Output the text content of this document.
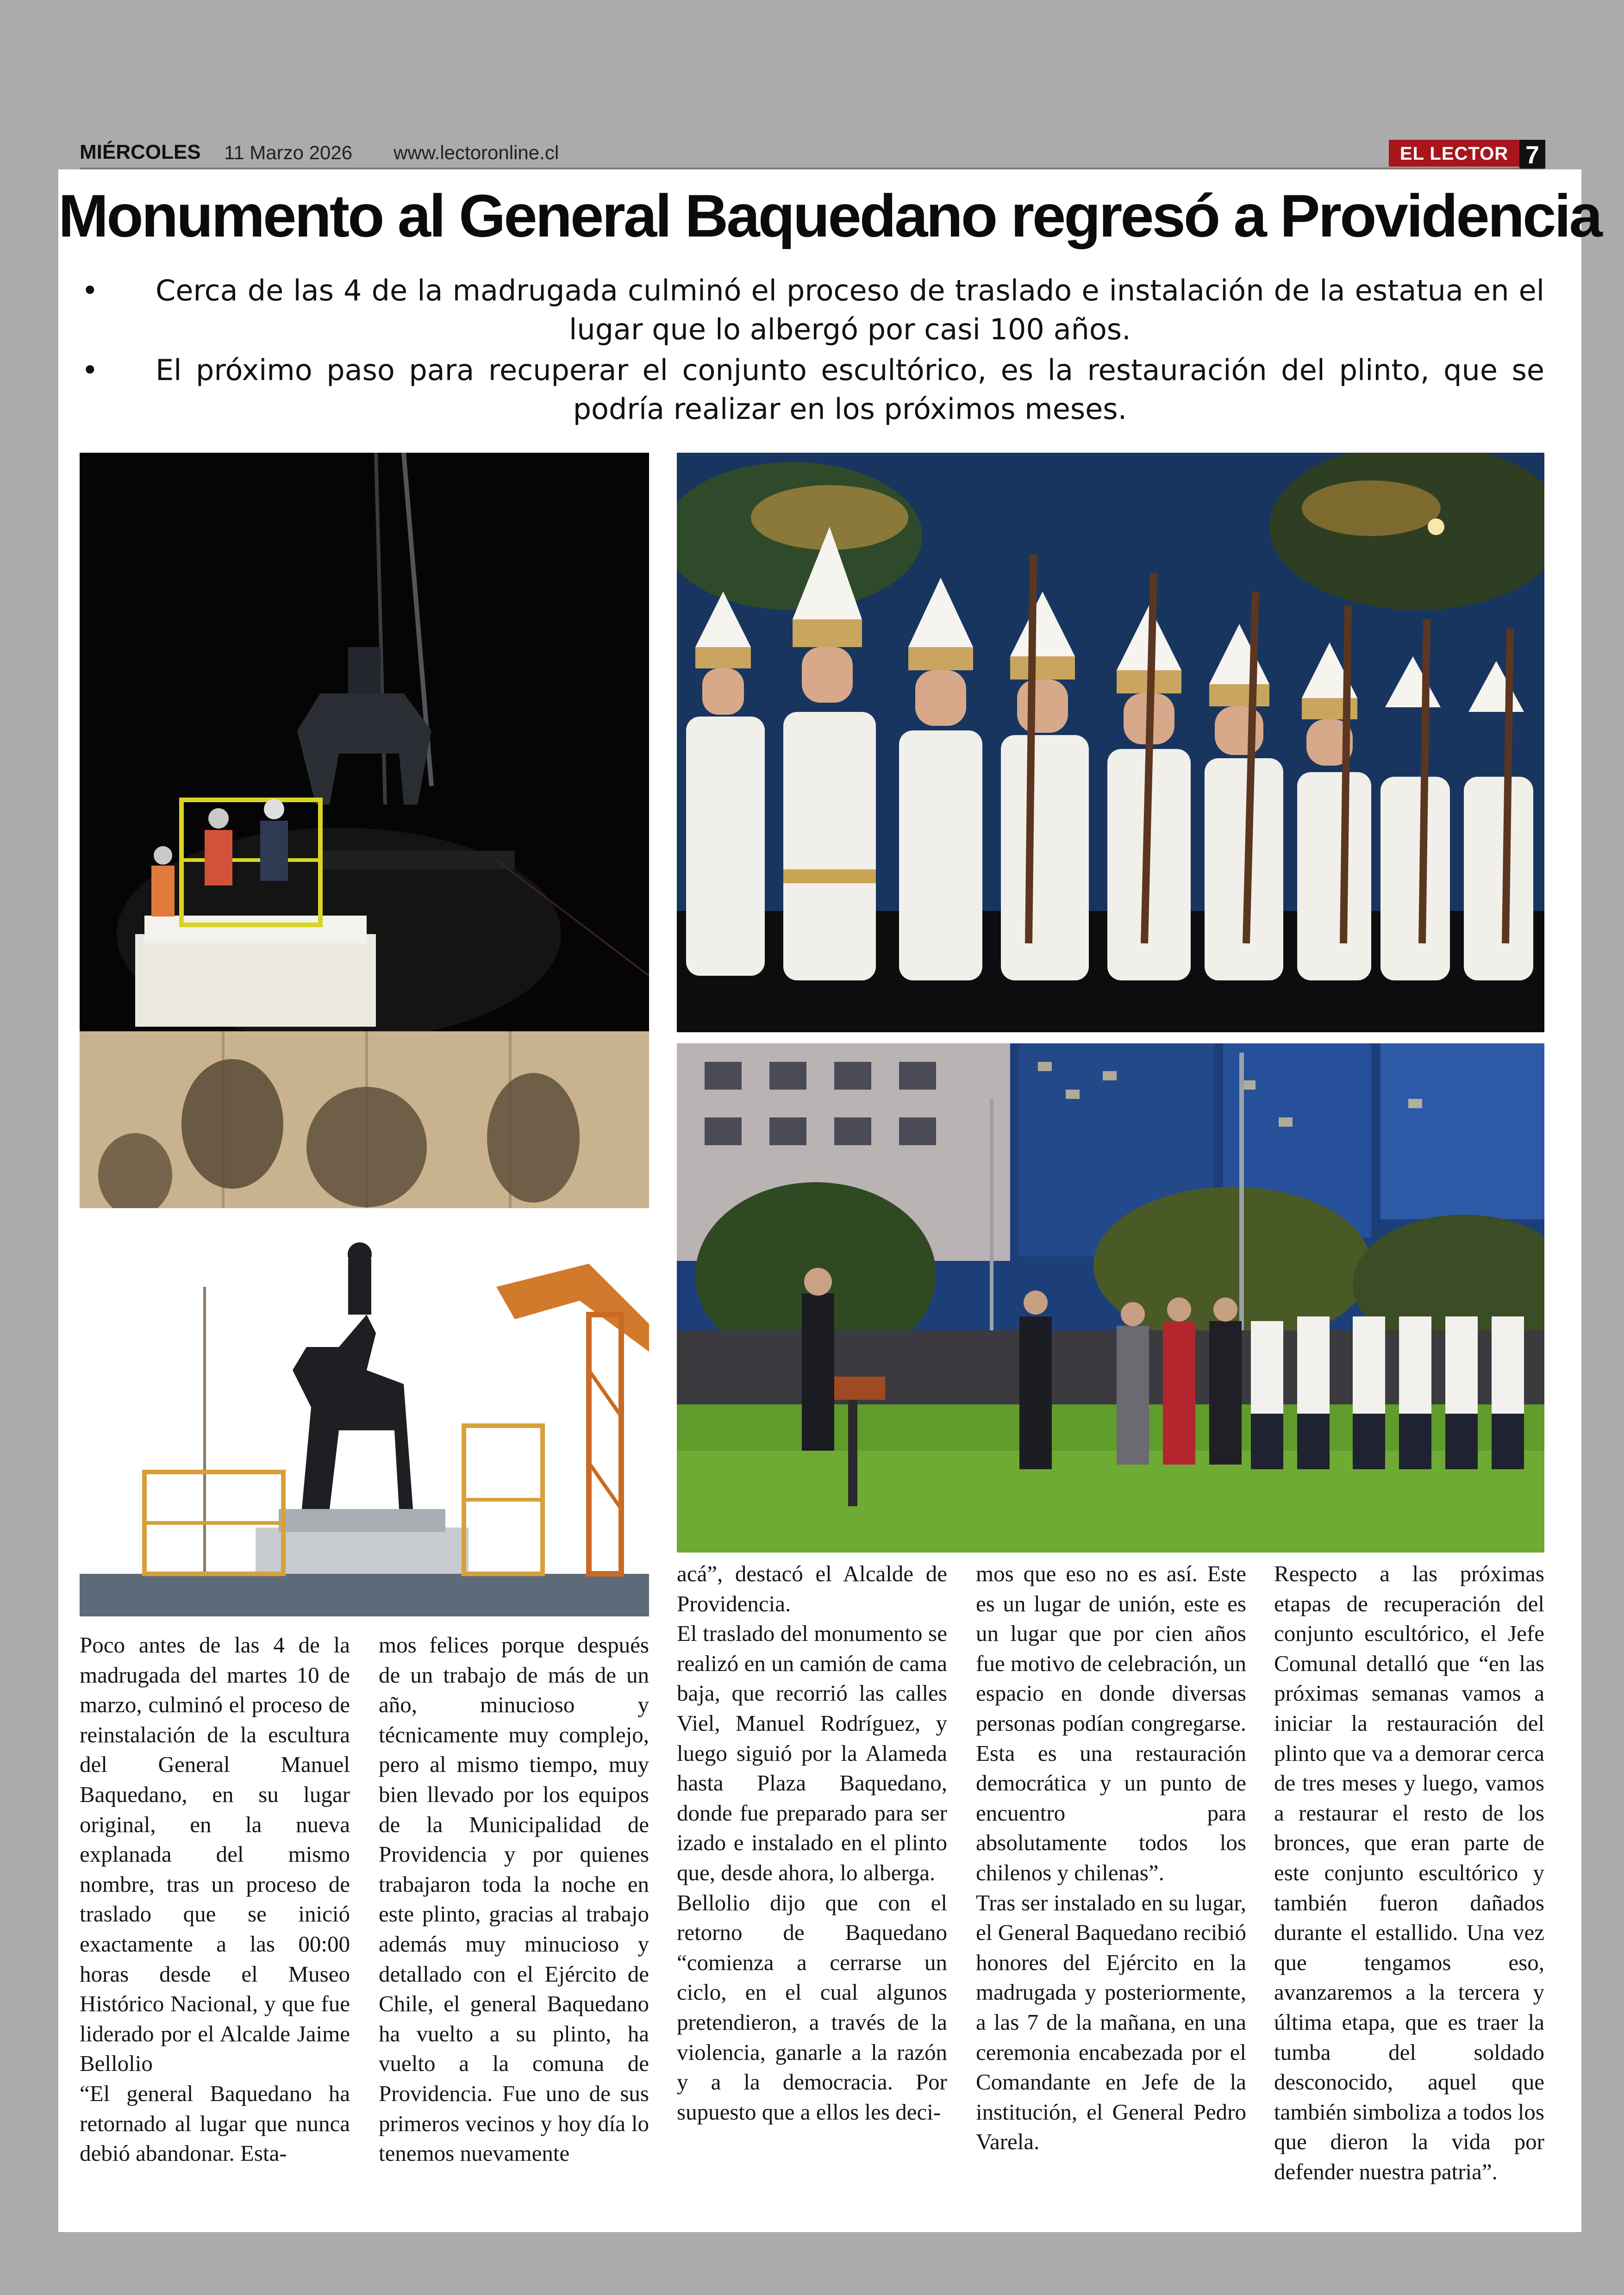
MIÉRCOLES 11 Marzo 2026 www.lectoronline.cl	EL LECTOR 7
Monumento al General Baquedano regresó a Providencia
• Cerca de las 4 de la madrugada culminó el proceso de traslado e instalación de la estatua en el lugar que lo albergó por casi 100 años.
• El próximo paso para recuperar el conjunto escultórico, es la restauración del plinto, que se podría realizar en los próximos meses.

Poco antes de las 4 de la madrugada del martes 10 de marzo, culminó el proceso de reinstalación de la escultura del General Manuel Baquedano, en su lugar original, en la nueva explanada del mismo nombre, tras un proceso de traslado que se inició exactamente a las 00:00 horas desde el Museo Histórico Nacional, y que fue liderado por el Alcalde Jaime Bellolio

“El general Baquedano ha retornado al lugar que nunca debió abandonar. Esta-

mos felices porque después de un trabajo de más de un año, minucioso y técnicamente muy complejo, pero al mismo tiempo, muy bien llevado por los equipos de la Municipalidad de Providencia y por quienes trabajaron toda la noche en este plinto, gracias al trabajo además muy minucioso y detallado con el Ejército de Chile, el general Baquedano ha vuelto a su plinto, ha vuelto a la comuna de Providencia. Fue uno de sus primeros vecinos y hoy día lo tenemos nuevamente

acá”, destacó el Alcalde de Providencia.

El traslado del monumento se realizó en un camión de cama baja, que recorrió las calles Viel, Manuel Rodríguez, y luego siguió por la Alameda hasta Plaza Baquedano, donde fue preparado para ser izado e instalado en el plinto que, desde ahora, lo alberga.

Bellolio dijo que con el retorno de Baquedano “comienza a cerrarse un ciclo, en el cual algunos pretendieron, a través de la violencia, ganarle a la razón y a la democracia. Por supuesto que a ellos les deci-

mos que eso no es así. Este es un lugar de unión, este es un lugar que por cien años fue motivo de celebración, un espacio en donde diversas personas podían congregarse. Esta es una restauración democrática y un punto de encuentro para absolutamente todos los chilenos y chilenas”.

Tras ser instalado en su lugar, el General Baquedano recibió honores del Ejército en la madrugada y posteriormente, a las 7 de la mañana, en una ceremonia encabezada por el Comandante en Jefe de la institución, el General Pedro Varela.

Respecto a las próximas etapas de recuperación del conjunto escultórico, el Jefe Comunal detalló que “en las próximas semanas vamos a iniciar la restauración del plinto que va a demorar cerca de tres meses y luego, vamos a restaurar el resto de los bronces, que eran parte de este conjunto escultórico y también fueron dañados durante el estallido. Una vez que tengamos eso, avanzaremos a la tercera y última etapa, que es traer la tumba del soldado desconocido, aquel que también simboliza a todos los que dieron la vida por defender nuestra patria”.
